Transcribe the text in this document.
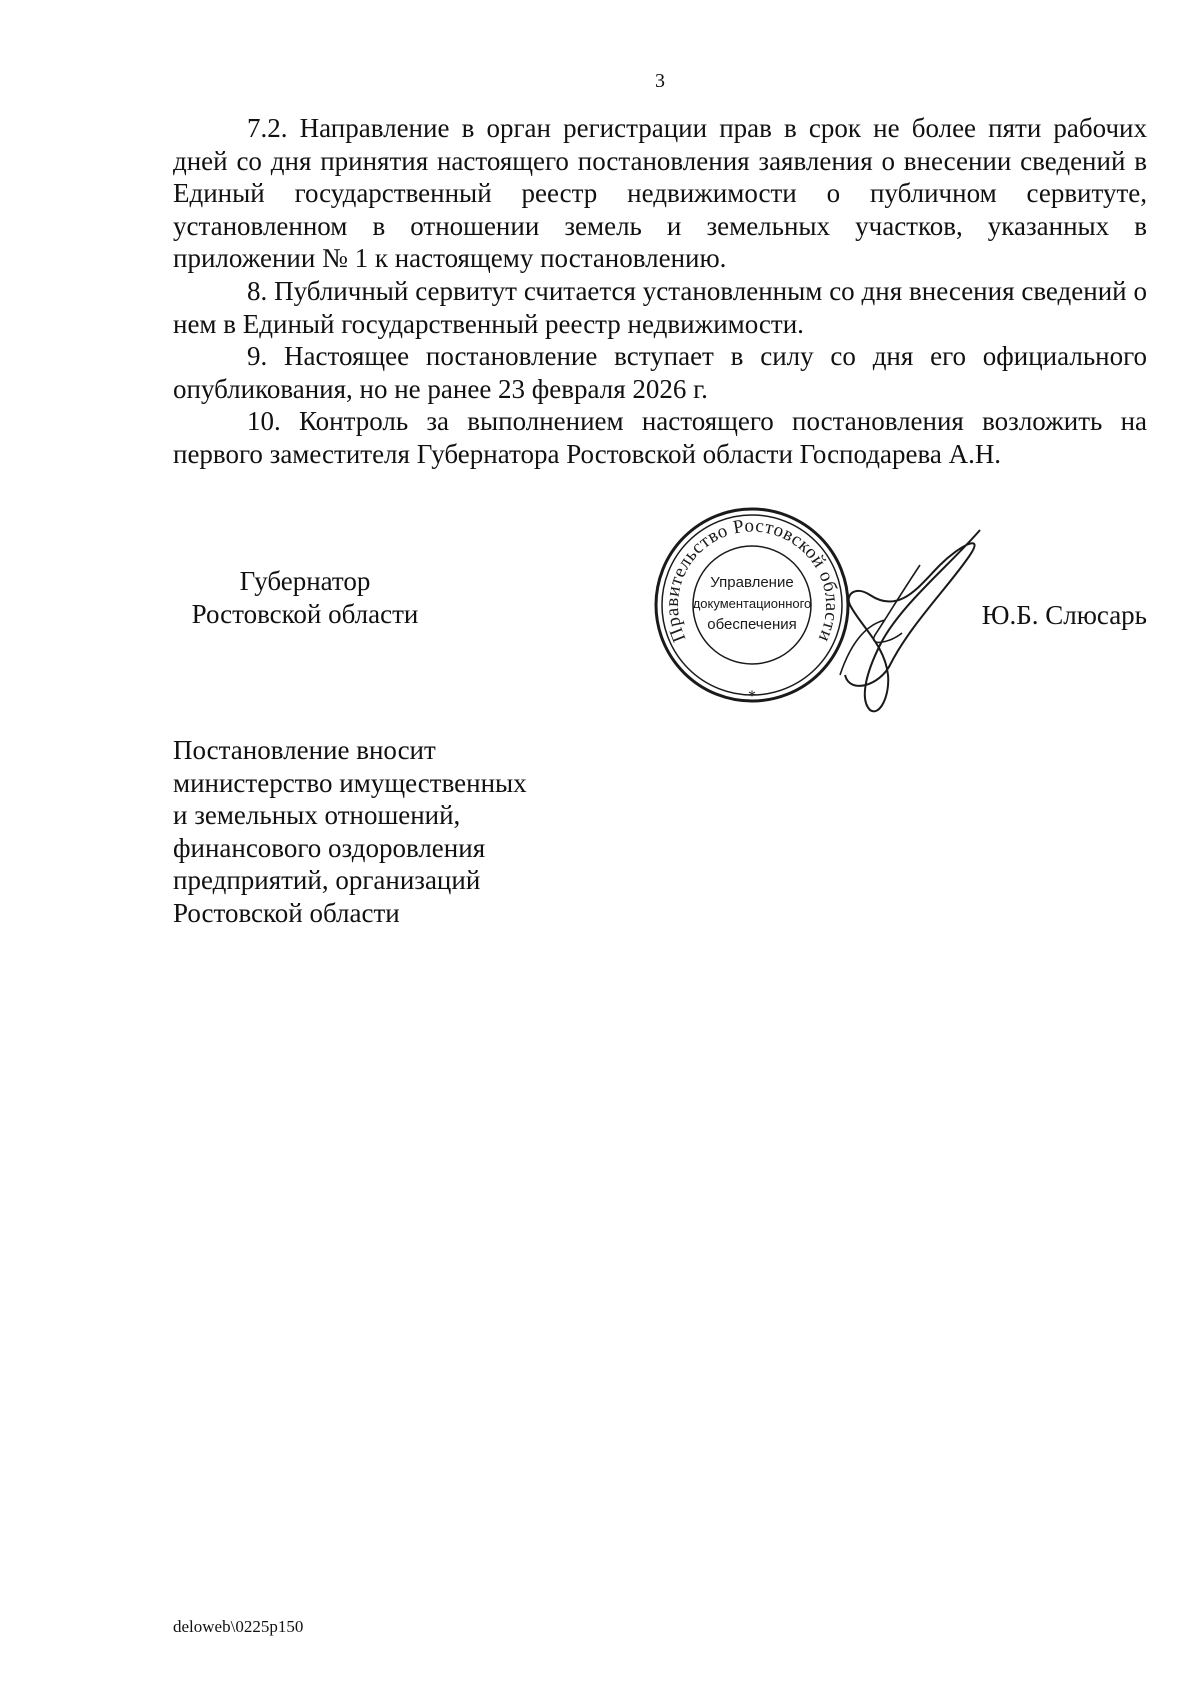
3

7.2. Направление в орган регистрации прав в срок не более пяти рабочих дней со дня принятия настоящего постановления заявления о внесении сведений в Единый государственный реестр недвижимости о публичном сервитуте, установленном в отношении земель и земельных участков, указанных в приложении № 1 к настоящему постановлению.

8. Публичный сервитут считается установленным со дня внесения сведений о нем в Единый государственный реестр недвижимости.

9. Настоящее постановление вступает в силу со дня его официального опубликования, но не ранее 23 февраля 2026 г.

10. Контроль за выполнением настоящего постановления возложить на первого заместителя Губернатора Ростовской области Господарева А.Н.

Губернатор
Ростовской области
Правительство Ростовской области
Управление
документационного
обеспечения
*
Ю.Б. Слюсарь
Постановление вносит
министерство имущественных
и земельных отношений,
финансового оздоровления
предприятий, организаций
Ростовской области
deloweb\0225p150
